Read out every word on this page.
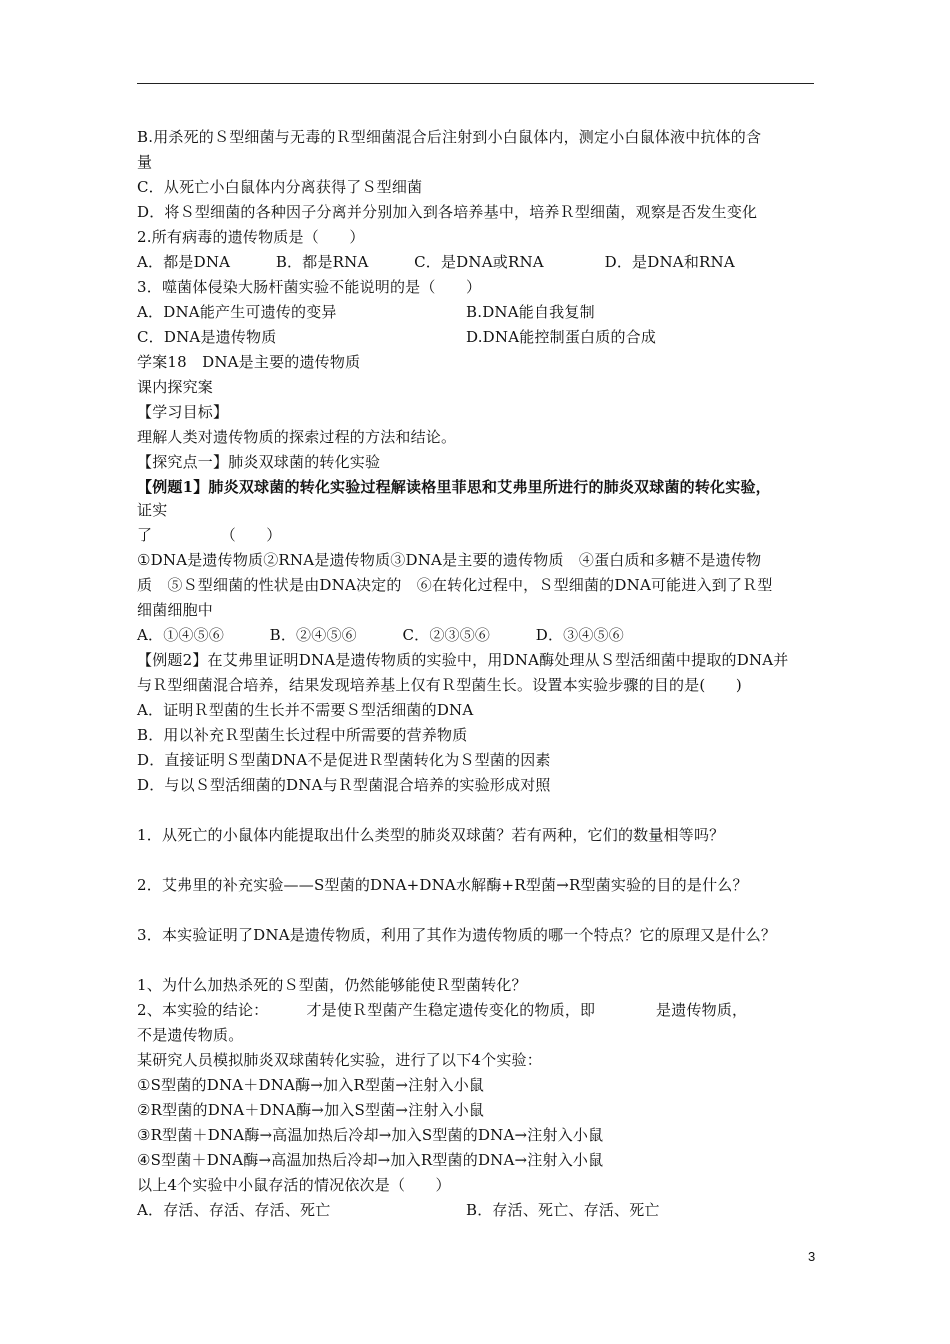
B.用杀死的Ｓ型细菌与无毒的Ｒ型细菌混合后注射到小白鼠体内，测定小白鼠体液中抗体的含
量
C．从死亡小白鼠体内分离获得了Ｓ型细菌
D．将Ｓ型细菌的各种因子分离并分别加入到各培养基中，培养Ｒ型细菌，观察是否发生变化
2.所有病毒的遗传物质是（　　）
A．都是DNA　　　B．都是RNA　　　C．是DNA或RNA　　　　D．是DNA和RNA
3．噬菌体侵染大肠杆菌实验不能说明的是（　　）
A．DNA能产生可遗传的变异	B.DNA能自我复制
C．DNA是遗传物质	D.DNA能控制蛋白质的合成
学案18　DNA是主要的遗传物质
课内探究案
【学习目标】
理解人类对遗传物质的探索过程的方法和结论。
【探究点一】肺炎双球菌的转化实验
【例题1】肺炎双球菌的转化实验过程解读格里菲思和艾弗里所进行的肺炎双球菌的转化实验，
证实
了　　　　　（　　）
①DNA是遗传物质②RNA是遗传物质③DNA是主要的遗传物质　④蛋白质和多糖不是遗传物
质　⑤Ｓ型细菌的性状是由DNA决定的　⑥在转化过程中，Ｓ型细菌的DNA可能进入到了Ｒ型
细菌细胞中
A．①④⑤⑥　　　B．②④⑤⑥　　　C．②③⑤⑥　　　D．③④⑤⑥
【例题2】在艾弗里证明DNA是遗传物质的实验中，用DNA酶处理从Ｓ型活细菌中提取的DNA并
与Ｒ型细菌混合培养，结果发现培养基上仅有Ｒ型菌生长。设置本实验步骤的目的是(　　)
A．证明Ｒ型菌的生长并不需要Ｓ型活细菌的DNA
B．用以补充Ｒ型菌生长过程中所需要的营养物质
D．直接证明Ｓ型菌DNA不是促进Ｒ型菌转化为Ｓ型菌的因素
D．与以Ｓ型活细菌的DNA与Ｒ型菌混合培养的实验形成对照
1．从死亡的小鼠体内能提取出什么类型的肺炎双球菌？若有两种，它们的数量相等吗？
2．艾弗里的补充实验——S型菌的DNA+DNA水解酶+R型菌→R型菌实验的目的是什么？
3．本实验证明了DNA是遗传物质，利用了其作为遗传物质的哪一个特点？它的原理又是什么？
1、为什么加热杀死的Ｓ型菌，仍然能够能使Ｒ型菌转化？
2、本实验的结论：　　　才是使Ｒ型菌产生稳定遗传变化的物质，即　　　　是遗传物质，
不是遗传物质。
某研究人员模拟肺炎双球菌转化实验，进行了以下4个实验：
①S型菌的DNA＋DNA酶→加入R型菌→注射入小鼠
②R型菌的DNA＋DNA酶→加入S型菌→注射入小鼠
③R型菌＋DNA酶→高温加热后冷却→加入S型菌的DNA→注射入小鼠
④S型菌＋DNA酶→高温加热后冷却→加入R型菌的DNA→注射入小鼠
以上4个实验中小鼠存活的情况依次是（　　）
A．存活、存活、存活、死亡	B．存活、死亡、存活、死亡
3
